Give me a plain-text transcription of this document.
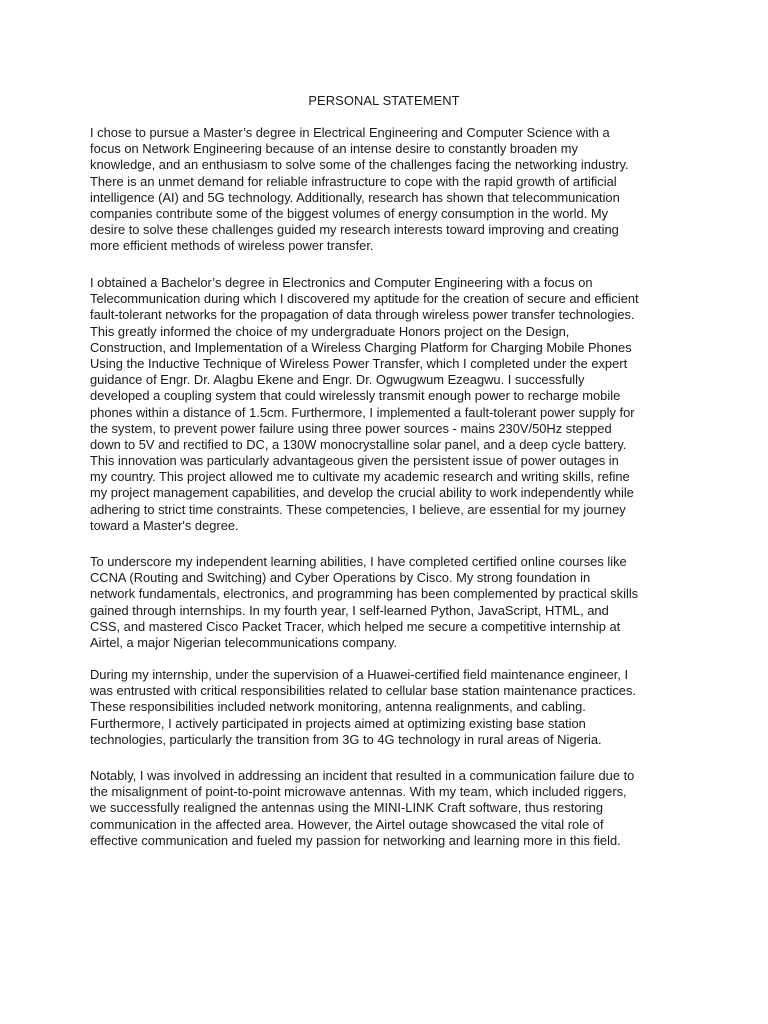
PERSONAL STATEMENT
I chose to pursue a Master’s degree in Electrical Engineering and Computer Science with a
focus on Network Engineering because of an intense desire to constantly broaden my
knowledge, and an enthusiasm to solve some of the challenges facing the networking industry.
There is an unmet demand for reliable infrastructure to cope with the rapid growth of artificial
intelligence (AI) and 5G technology. Additionally, research has shown that telecommunication
companies contribute some of the biggest volumes of energy consumption in the world. My
desire to solve these challenges guided my research interests toward improving and creating
more efficient methods of wireless power transfer.
I obtained a Bachelor’s degree in Electronics and Computer Engineering with a focus on
Telecommunication during which I discovered my aptitude for the creation of secure and efficient
fault-tolerant networks for the propagation of data through wireless power transfer technologies.
This greatly informed the choice of my undergraduate Honors project on the Design,
Construction, and Implementation of a Wireless Charging Platform for Charging Mobile Phones
Using the Inductive Technique of Wireless Power Transfer, which I completed under the expert
guidance of Engr. Dr. Alagbu Ekene and Engr. Dr. Ogwugwum Ezeagwu. I successfully
developed a coupling system that could wirelessly transmit enough power to recharge mobile
phones within a distance of 1.5cm. Furthermore, I implemented a fault-tolerant power supply for
the system, to prevent power failure using three power sources - mains 230V/50Hz stepped
down to 5V and rectified to DC, a 130W monocrystalline solar panel, and a deep cycle battery.
This innovation was particularly advantageous given the persistent issue of power outages in
my country. This project allowed me to cultivate my academic research and writing skills, refine
my project management capabilities, and develop the crucial ability to work independently while
adhering to strict time constraints. These competencies, I believe, are essential for my journey
toward a Master's degree.
To underscore my independent learning abilities, I have completed certified online courses like
CCNA (Routing and Switching) and Cyber Operations by Cisco. My strong foundation in
network fundamentals, electronics, and programming has been complemented by practical skills
gained through internships. In my fourth year, I self-learned Python, JavaScript, HTML, and
CSS, and mastered Cisco Packet Tracer, which helped me secure a competitive internship at
Airtel, a major Nigerian telecommunications company.
During my internship, under the supervision of a Huawei-certified field maintenance engineer, I
was entrusted with critical responsibilities related to cellular base station maintenance practices.
These responsibilities included network monitoring, antenna realignments, and cabling.
Furthermore, I actively participated in projects aimed at optimizing existing base station
technologies, particularly the transition from 3G to 4G technology in rural areas of Nigeria.
Notably, I was involved in addressing an incident that resulted in a communication failure due to
the misalignment of point-to-point microwave antennas. With my team, which included riggers,
we successfully realigned the antennas using the MINI-LINK Craft software, thus restoring
communication in the affected area. However, the Airtel outage showcased the vital role of
effective communication and fueled my passion for networking and learning more in this field.
